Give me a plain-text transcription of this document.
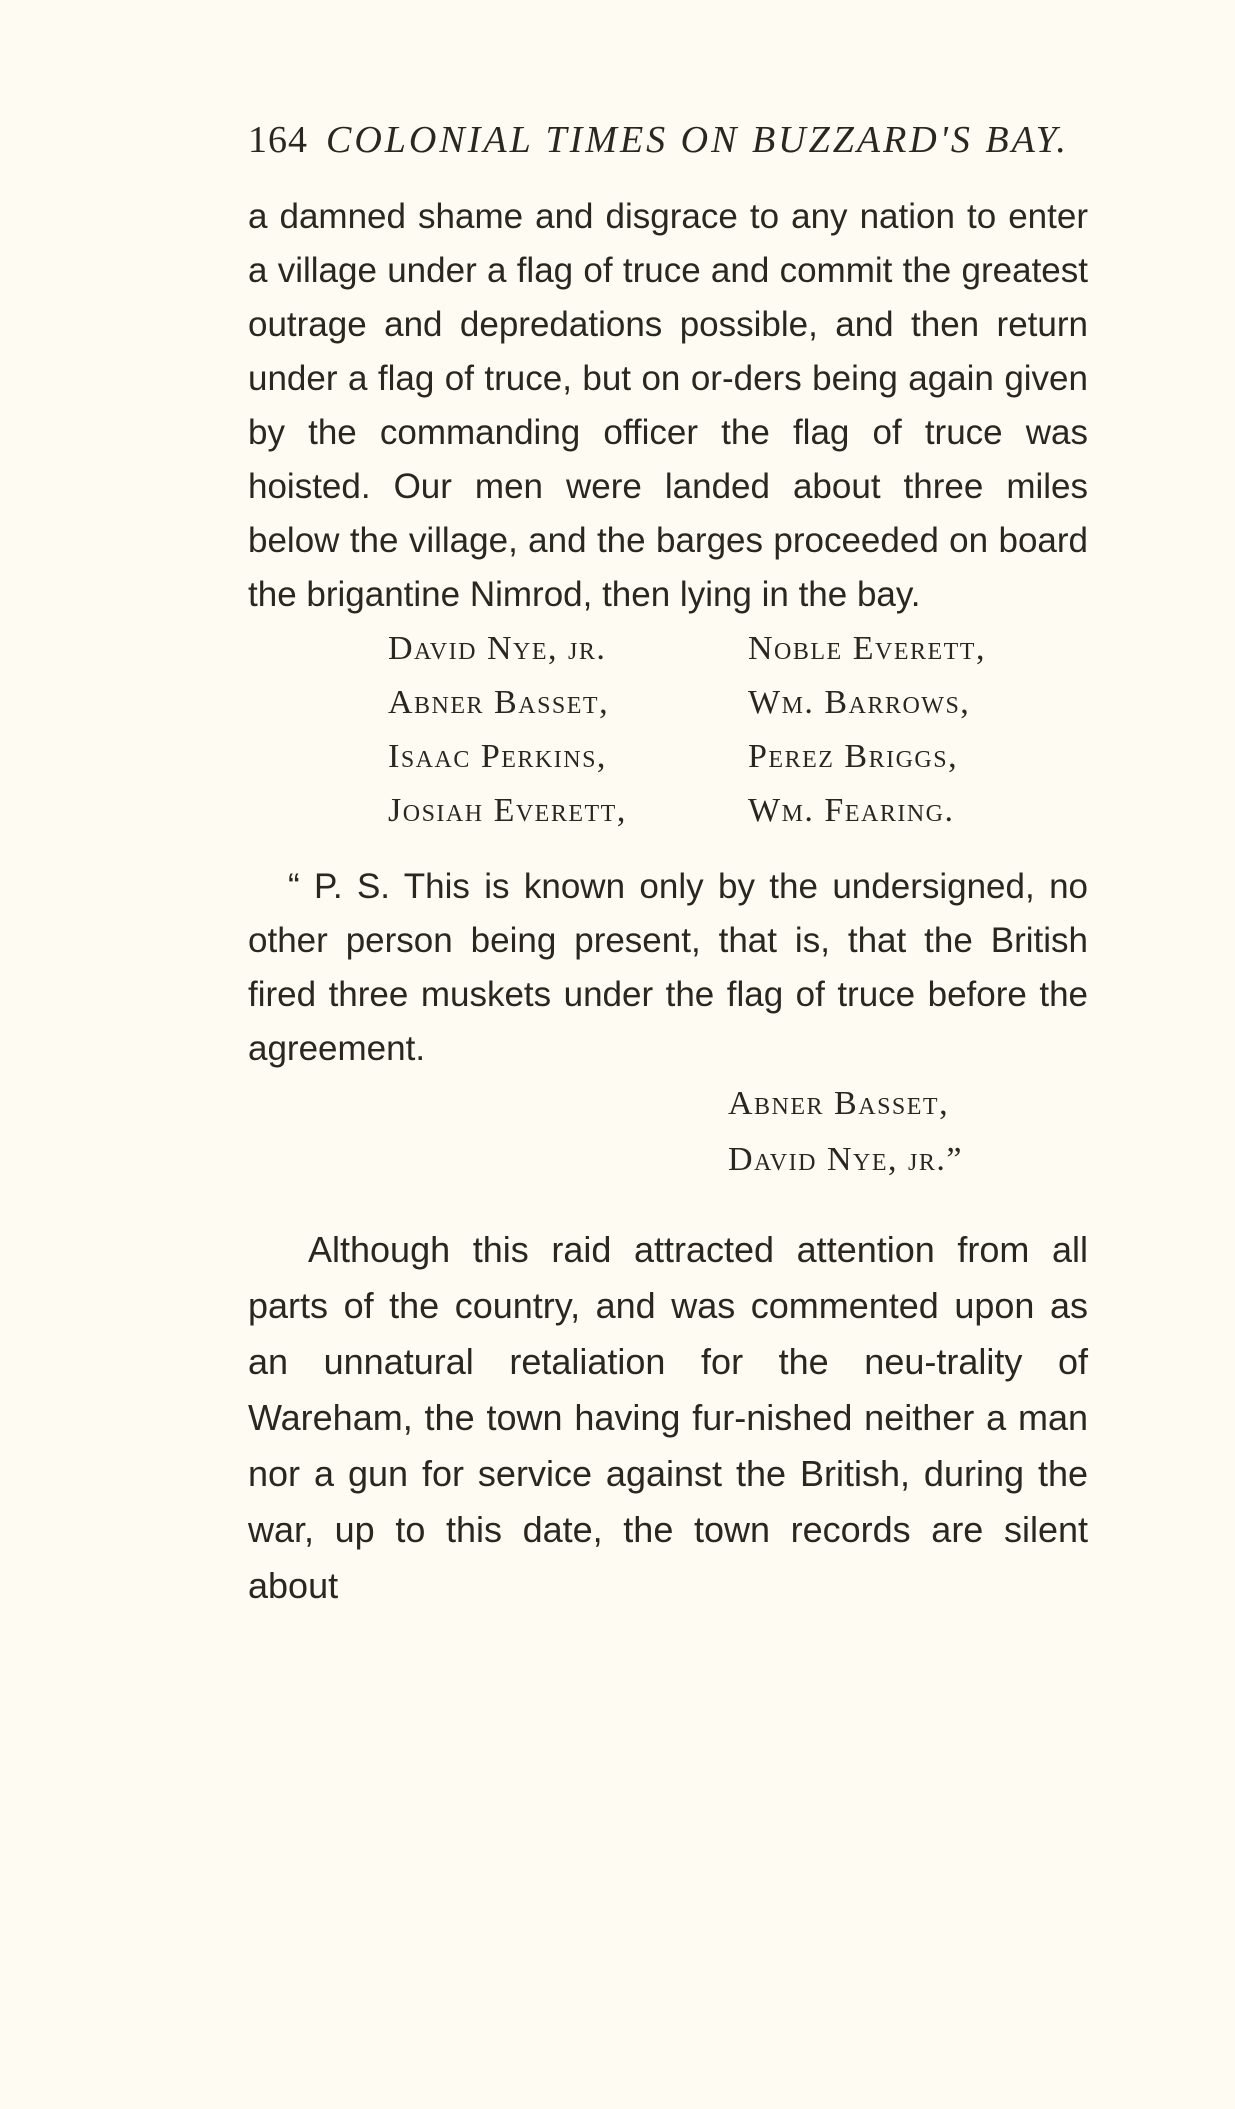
164 COLONIAL TIMES ON BUZZARD'S BAY.

a damned shame and disgrace to any nation to enter a village under a flag of truce and commit the greatest outrage and depredations possible, and then return under a flag of truce, but on or-ders being again given by the commanding officer the flag of truce was hoisted. Our men were landed about three miles below the village, and the barges proceeded on board the brigantine Nimrod, then lying in the bay.

David Nye, jr.	Noble Everett,
Abner Basset,	Wm. Barrows,
Isaac Perkins,	Perez Briggs,
Josiah Everett,	Wm. Fearing.

“ P. S. This is known only by the undersigned, no other person being present, that is, that the British fired three muskets under the flag of truce before the agreement.

Abner Basset,
David Nye, jr.”

Although this raid attracted attention from all parts of the country, and was commented upon as an unnatural retaliation for the neu-trality of Wareham, the town having fur-nished neither a man nor a gun for service against the British, during the war, up to this date, the town records are silent about
